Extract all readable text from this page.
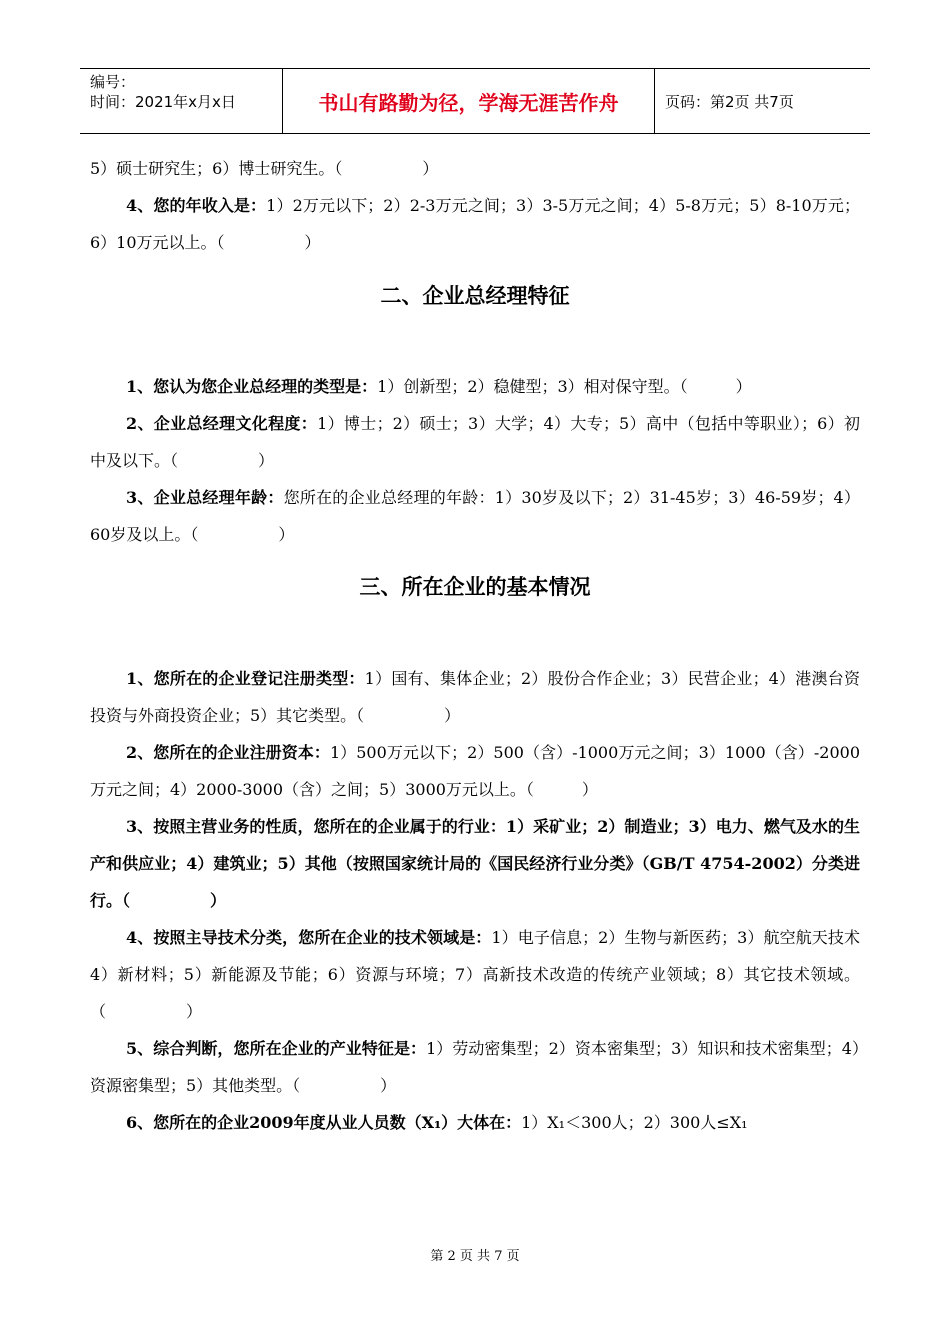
编号：
时间：2021年x月x日	书山有路勤为径，学海无涯苦作舟	页码：第2页 共7页

5）硕士研究生；6）博士研究生。（　　　　　）

4、您的年收入是：1）2万元以下；2）2-3万元之间；3）3-5万元之间；4）5-8万元；5）8-10万元；6）10万元以上。（　　　　　）

二、企业总经理特征

1、您认为您企业总经理的类型是：1）创新型；2）稳健型；3）相对保守型。（　　　）

2、企业总经理文化程度：1）博士；2）硕士；3）大学；4）大专；5）高中（包括中等职业）；6）初中及以下。（　　　　　）

3、企业总经理年龄：您所在的企业总经理的年龄：1）30岁及以下；2）31-45岁；3）46-59岁；4）60岁及以上。（　　　　　）

三、所在企业的基本情况

1、您所在的企业登记注册类型：1）国有、集体企业；2）股份合作企业；3）民营企业；4）港澳台资投资与外商投资企业；5）其它类型。（　　　　　）

2、您所在的企业注册资本：1）500万元以下；2）500（含）-1000万元之间；3）1000（含）-2000万元之间；4）2000-3000（含）之间；5）3000万元以上。（　　　）

3、按照主营业务的性质，您所在的企业属于的行业：1）采矿业；2）制造业；3）电力、燃气及水的生产和供应业；4）建筑业；5）其他（按照国家统计局的《国民经济行业分类》（GB/T 4754-2002）分类进行。（　　　　　）

4、按照主导技术分类，您所在企业的技术领域是：1）电子信息；2）生物与新医药；3）航空航天技术4）新材料；5）新能源及节能；6）资源与环境；7）高新技术改造的传统产业领域；8）其它技术领域。（　　　　　）

5、综合判断，您所在企业的产业特征是：1）劳动密集型；2）资本密集型；3）知识和技术密集型；4）资源密集型；5）其他类型。（　　　　　）

6、您所在的企业2009年度从业人员数（X₁）大体在：1）X₁＜300人；2）300人≤X₁

第 2 页 共 7 页
